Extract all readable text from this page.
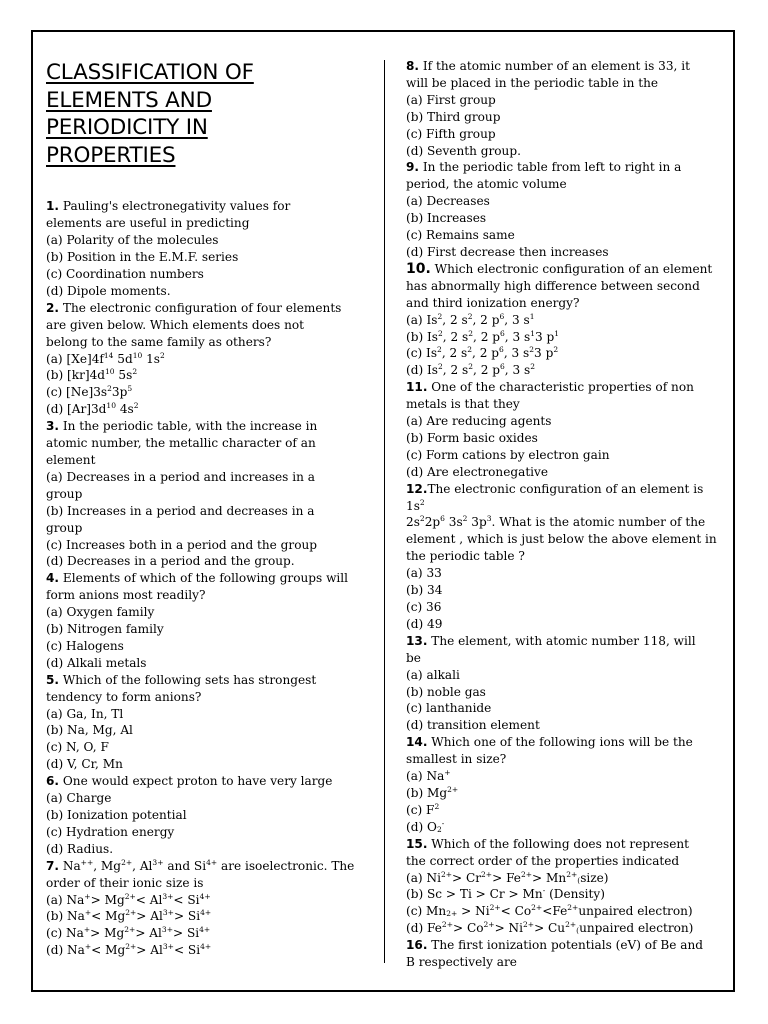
CLASSIFICATION OF
ELEMENTS AND
PERIODICITY IN
PROPERTIES
1. Pauling's electronegativity values for
elements are useful in predicting
(a) Polarity of the molecules
(b) Position in the E.M.F. series
(c) Coordination numbers
(d) Dipole moments.
2. The electronic configuration of four elements
are given below. Which elements does not
belong to the same family as others?
(a) $[Xe]4f^{14}$ $5d^{10}$ $1s^2$
(b) $[kr]4d^{10}$ $5s^2$
(c) $[Ne]3s^23p^5$
(d) $[Ar]3d^{10}$ $4s^2$
3. In the periodic table, with the increase in
atomic number, the metallic character of an
element
(a) Decreases in a period and increases in a
group
(b) Increases in a period and decreases in a
group
(c) Increases both in a period and the group
(d) Decreases in a period and the group.
4. Elements of which of the following groups will
form anions most readily?
(a) Oxygen family
(b) Nitrogen family
(c) Halogens
(d) Alkali metals
5. Which of the following sets has strongest
tendency to form anions?
(a) Ga, In, Tl
(b) Na, Mg, Al
(c) N, O, F
(d) V, Cr, Mn
6. One would expect proton to have very large
(a) Charge
(b) Ionization potential
(c) Hydration energy
(d) Radius.
7. Na++, $Mg^{2+}$, $Al^{3+}$ and $Si^{4+}$ are isoelectronic. The
order of their ionic size is
(a) $Na^+> Mg^{2+}< Al^{3+}< Si^{4+}$
(b) $Na^+< Mg^{2+}> Al^{3+}> Si^{4+}$
(c) $Na^+> Mg^{2+}> Al^{3+}> Si^{4+}$
(d) $Na^+< Mg^{2+}> Al^{3+}< Si^{4+}$
8. If the atomic number of an element is 33, it
will be placed in the periodic table in the
(a) First group
(b) Third group
(c) Fifth group
(d) Seventh group.
9. In the periodic table from left to right in a
period, the atomic volume
(a) Decreases
(b) Increases
(c) Remains same
(d) First decrease then increases
10. Which electronic configuration of an element
has abnormally high difference between second
and third ionization energy?
(a) Is$^2$, 2 $s^2$, 2 $p^6$, 3 $s^1$
(b) Is$^2$, 2 $s^2$, 2 $p^6$, 3 $s^13$ $p^1$
(c) Is$^2$, 2 $s^2$, 2 $p^6$, 3 $s^23$ $p^2$
(d) Is$^2$, 2 $s^2$, 2 $p^6$, 3 $s^2$
11. One of the characteristic properties of non
metals is that they
(a) Are reducing agents
(b) Form basic oxides
(c) Form cations by electron gain
(d) Are electronegative
12.The electronic configuration of an element is $1s^2$
$2s^22p^6$ $3s^2$ $3p^3$. What is the atomic number of the
element , which is just below the above element in
the periodic table ?
(a) 33
(b) 34
(c) 36
(d) 49
13. The element, with atomic number 118, will
be
(a) alkali
(b) noble gas
(c) lanthanide
(d) transition element
14. Which one of the following ions will be the
smallest in size?
(a) Na+
(b) $Mg^{2+}$
(c) $F^2$
(d) $O_2^-$
15. Which of the following does not represent
the correct order of the properties indicated
(a) $Ni^{2+}> Cr^{2+}> Fe^{2+}>$ $Mn^{2+}_(size$)
(b) Sc > Ti > Cr > Mn- (Density)
(c) $Mn_{2+} > Ni^{2+}<$ $Co^{2+}<Fe^{2+}unpaired$ electron)
(d) $Fe^{2+}> Co^{2+}> Ni^{2+}>$ $Cu^{2+}_(unpaired$ electron)
16. The first ionization potentials (eV) of Be and
B respectively are
